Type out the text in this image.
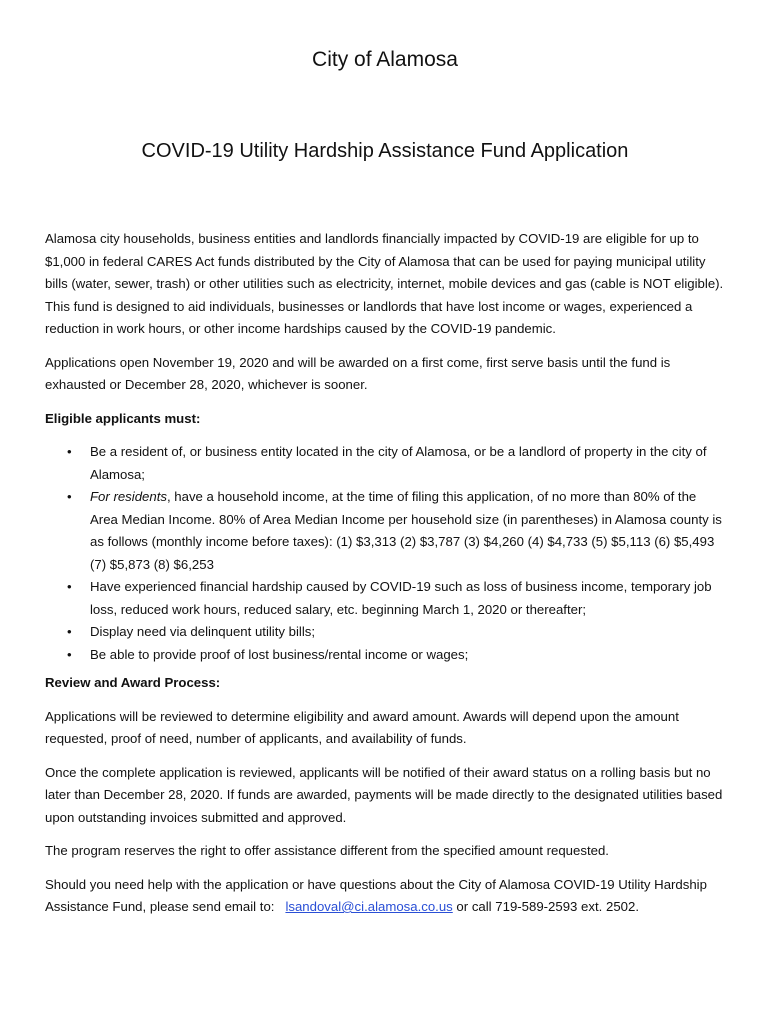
City of Alamosa
COVID-19 Utility Hardship Assistance Fund Application

Alamosa city households, business entities and landlords financially impacted by COVID-19 are eligible for up to $1,000 in federal CARES Act funds distributed by the City of Alamosa that can be used for paying municipal utility bills (water, sewer, trash) or other utilities such as electricity, internet, mobile devices and gas (cable is NOT eligible). This fund is designed to aid individuals, businesses or landlords that have lost income or wages, experienced a reduction in work hours, or other income hardships caused by the COVID-19 pandemic.

Applications open November 19, 2020 and will be awarded on a first come, first serve basis until the fund is exhausted or December 28, 2020, whichever is sooner.

Eligible applicants must:

• Be a resident of, or business entity located in the city of Alamosa, or be a landlord of property in the city of Alamosa;
• For residents, have a household income, at the time of filing this application, of no more than 80% of the Area Median Income. 80% of Area Median Income per household size (in parentheses) in Alamosa county is as follows (monthly income before taxes): (1) $3,313 (2) $3,787 (3) $4,260 (4) $4,733 (5) $5,113 (6) $5,493 (7) $5,873 (8) $6,253
• Have experienced financial hardship caused by COVID-19 such as loss of business income, temporary job loss, reduced work hours, reduced salary, etc. beginning March 1, 2020 or thereafter;
• Display need via delinquent utility bills;
• Be able to provide proof of lost business/rental income or wages;

Review and Award Process:

Applications will be reviewed to determine eligibility and award amount. Awards will depend upon the amount requested, proof of need, number of applicants, and availability of funds.

Once the complete application is reviewed, applicants will be notified of their award status on a rolling basis but no later than December 28, 2020. If funds are awarded, payments will be made directly to the designated utilities based upon outstanding invoices submitted and approved.

The program reserves the right to offer assistance different from the specified amount requested.

Should you need help with the application or have questions about the City of Alamosa COVID-19 Utility Hardship Assistance Fund, please send email to:   lsandoval@ci.alamosa.co.us or call 719-589-2593 ext. 2502.
